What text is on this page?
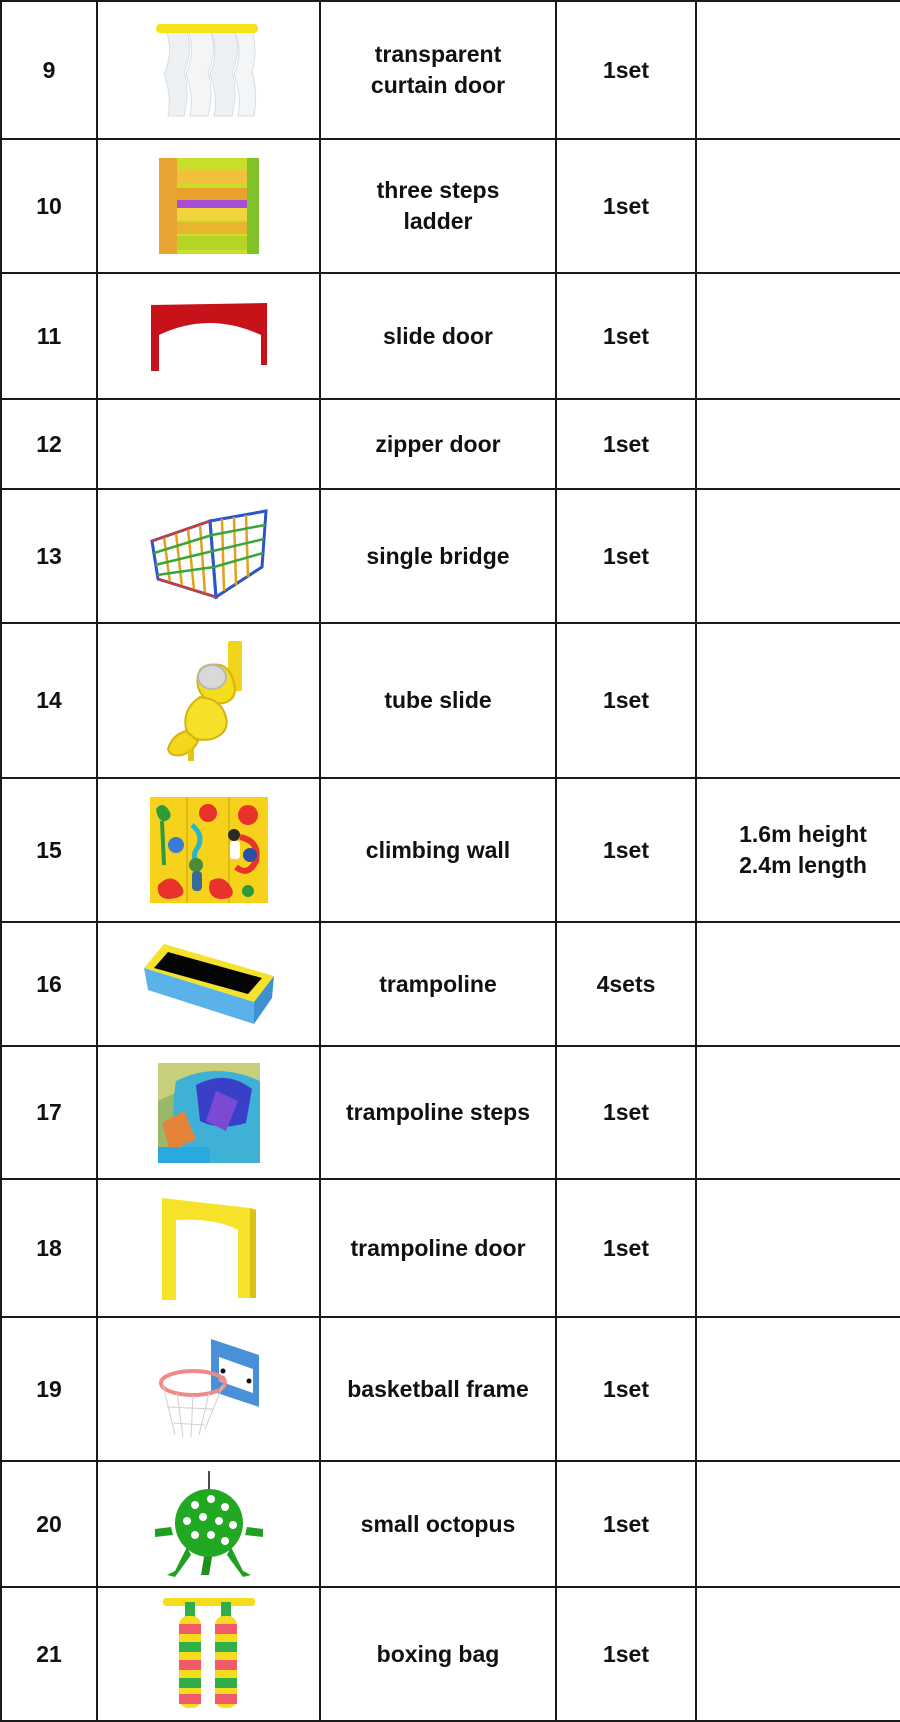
9		transparent
curtain door	1set	
10		three steps
ladder	1set	
11		slide door	1set	
12		zipper door	1set	
13		single bridge	1set	
14		tube slide	1set	
15		climbing wall	1set	1.6m height
2.4m length
16		trampoline	4sets	
17		trampoline steps	1set	
18		trampoline door	1set	
19		basketball frame	1set	
20		small octopus	1set	
21		boxing bag	1set	
